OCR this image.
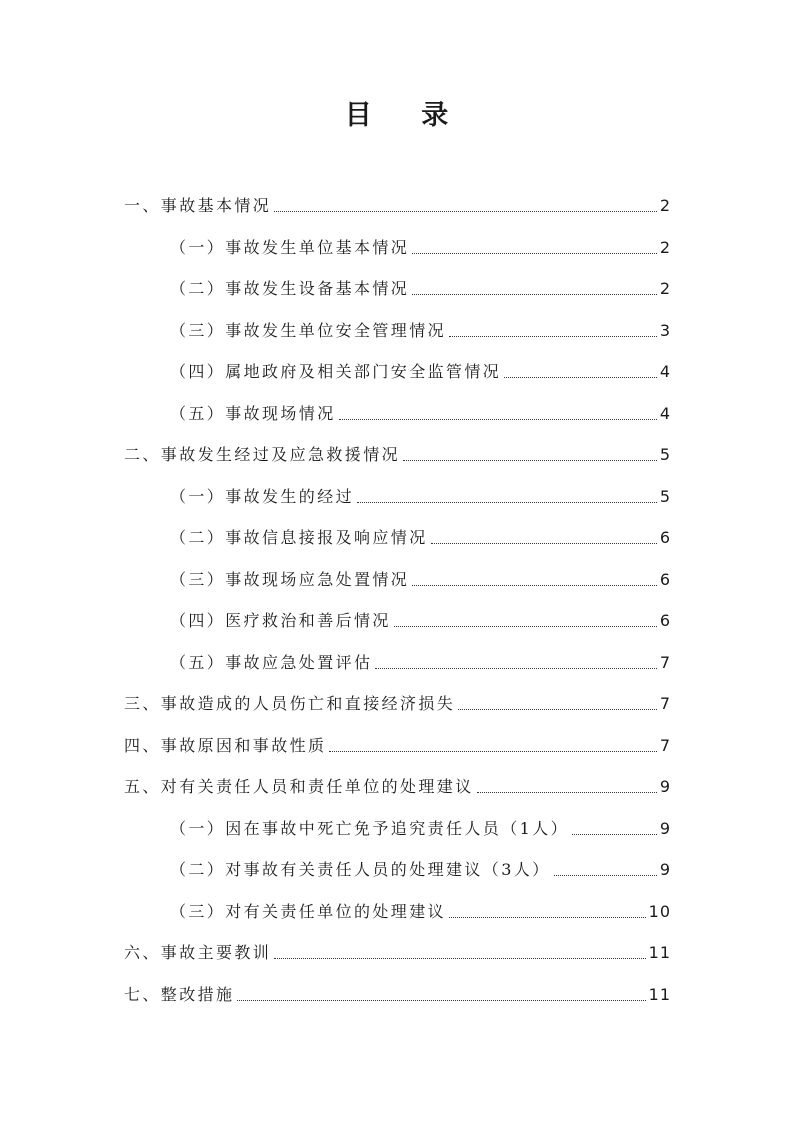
目 录
一、事故基本情况	2
（一）事故发生单位基本情况	2
（二）事故发生设备基本情况	2
（三）事故发生单位安全管理情况	3
（四）属地政府及相关部门安全监管情况	4
（五）事故现场情况	4
二、事故发生经过及应急救援情况	5
（一）事故发生的经过	5
（二）事故信息接报及响应情况	6
（三）事故现场应急处置情况	6
（四）医疗救治和善后情况	6
（五）事故应急处置评估	7
三、事故造成的人员伤亡和直接经济损失	7
四、事故原因和事故性质	7
五、对有关责任人员和责任单位的处理建议	9
（一）因在事故中死亡免予追究责任人员（1人）	9
（二）对事故有关责任人员的处理建议（3人）	9
（三）对有关责任单位的处理建议	10
六、事故主要教训	11
七、整改措施	11
